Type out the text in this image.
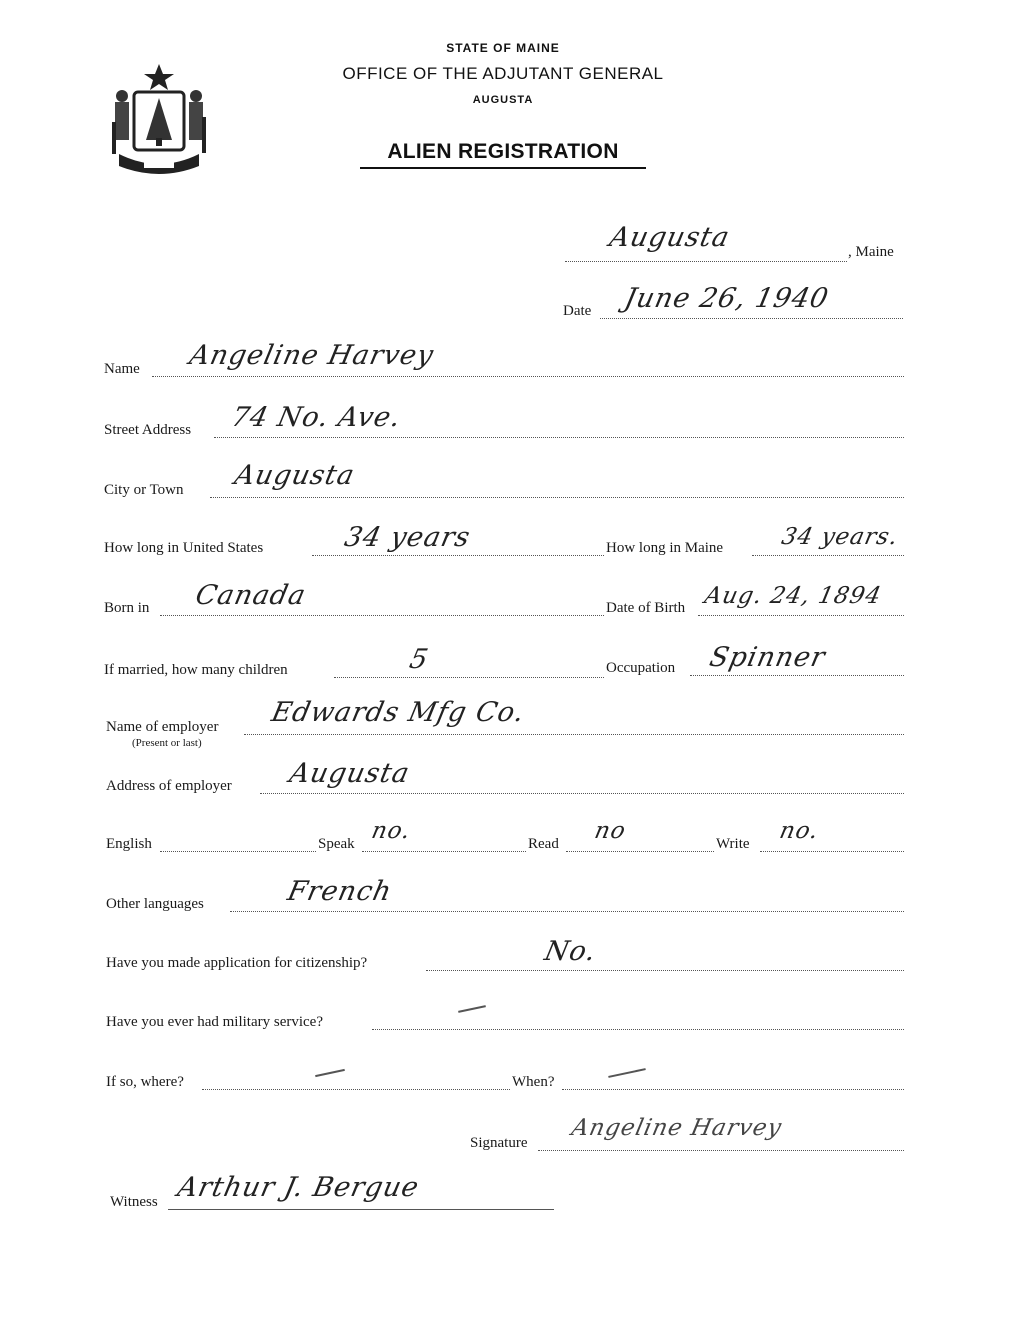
STATE OF MAINE
OFFICE OF THE ADJUTANT GENERAL
AUGUSTA
ALIEN REGISTRATION
Augusta	, Maine
Date June 26, 1940
Name Angeline Harvey
Street Address 74 No. Ave.
City or Town Augusta
How long in United States	34 years	How long in Maine 34 years.
Born in Canada	Date of Birth Aug. 24, 1894
If married, how many children	5	Occupation Spinner
Name of employer
(Present or last)
Edwards Mfg Co.
Address of employer Augusta
English	Speak no.	Read no	Write no.
Other languages	French
Have you made application for citizenship?	No.
Have you ever had military service?
If so, where?	When?
Signature
Angeline Harvey
Witness Arthur J. Bergue
